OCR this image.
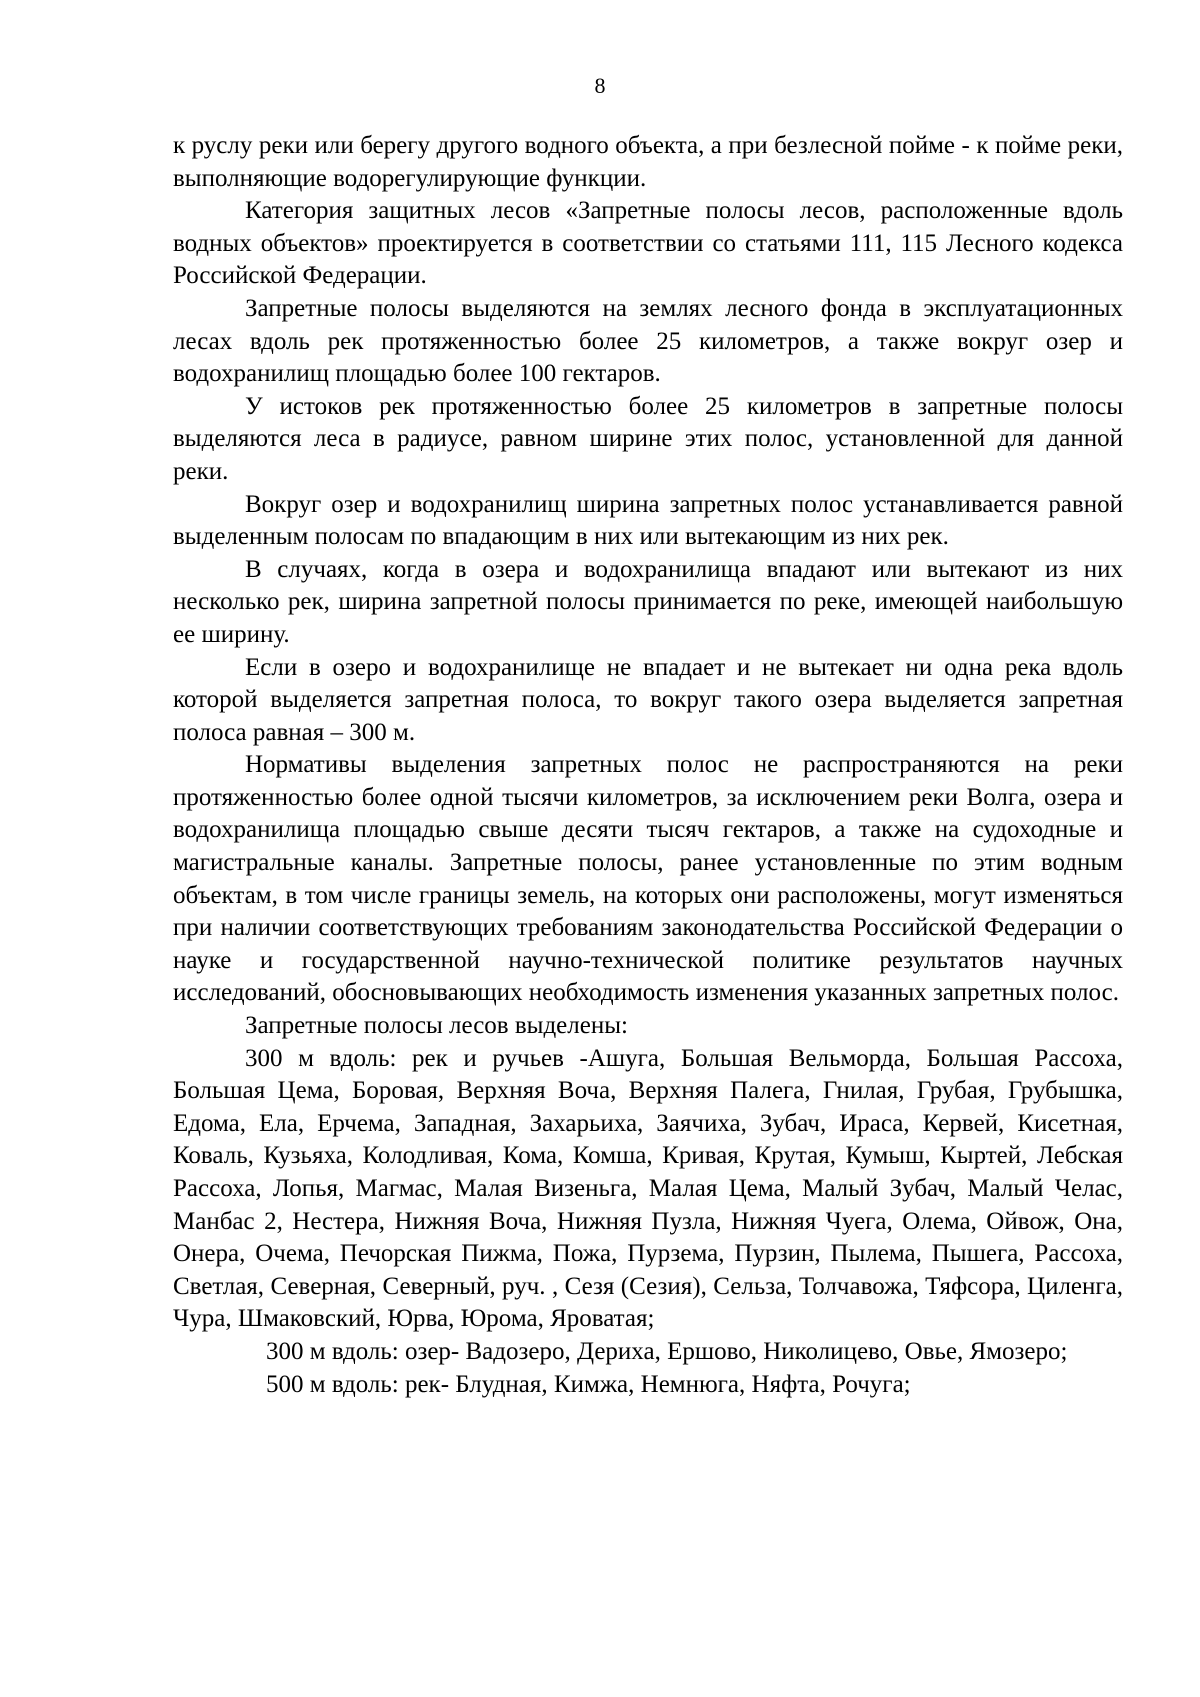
8

к руслу реки или берегу другого водного объекта, а при безлесной пойме - к пойме реки, выполняющие водорегулирующие функции.

Категория защитных лесов «Запретные полосы лесов, расположенные вдоль водных объектов» проектируется в соответствии со статьями 111, 115 Лесного кодекса Российской Федерации.

Запретные полосы выделяются на землях лесного фонда в эксплуатационных лесах вдоль рек протяженностью более 25 километров, а также вокруг озер и водохранилищ площадью более 100 гектаров.

У истоков рек протяженностью более 25 километров в запретные полосы выделяются леса в радиусе, равном ширине этих полос, установленной для данной реки.

Вокруг озер и водохранилищ ширина запретных полос устанавливается равной выделенным полосам по впадающим в них или вытекающим из них рек.

В случаях, когда в озера и водохранилища впадают или вытекают из них несколько рек, ширина запретной полосы принимается по реке, имеющей наибольшую ее ширину.

Если в озеро и водохранилище не впадает и не вытекает ни одна река вдоль которой выделяется запретная полоса, то вокруг такого озера выделяется запретная полоса равная – 300 м.

Нормативы выделения запретных полос не распространяются на реки протяженностью более одной тысячи километров, за исключением реки Волга, озера и водохранилища площадью свыше десяти тысяч гектаров, а также на судоходные и магистральные каналы. Запретные полосы, ранее установленные по этим водным объектам, в том числе границы земель, на которых они расположены, могут изменяться при наличии соответствующих требованиям законодательства Российской Федерации о науке и государственной научно-технической политике результатов научных исследований, обосновывающих необходимость изменения указанных запретных полос.

Запретные полосы лесов выделены:

300 м вдоль: рек и ручьев -Ашуга, Большая Вельморда, Большая Рассоха, Большая Цема, Боровая, Верхняя Воча, Верхняя Палега, Гнилая, Грубая, Грубышка, Едома, Ела, Ерчема, Западная, Захарьиха, Заячиха, Зубач, Ираса, Кервей, Кисетная, Коваль, Кузьяха, Колодливая, Кома, Комша, Кривая, Крутая, Кумыш, Кыртей, Лебская Рассоха, Лопья, Магмас, Малая Визеньга, Малая Цема, Малый Зубач, Малый Челас, Манбас 2, Нестера, Нижняя Воча, Нижняя Пузла, Нижняя Чуега, Олема, Ойвож, Она, Онера, Очема, Печорская Пижма, Пожа, Пурзема, Пурзин, Пылема, Пышега, Рассоха, Светлая, Северная, Северный, руч. , Сезя (Сезия), Сельза, Толчавожа, Тяфсора, Циленга, Чура, Шмаковский, Юрва, Юрома, Яроватая;

300 м вдоль: озер- Вадозеро, Дериха, Ершово, Николицево, Овье, Ямозеро;

500 м вдоль: рек- Блудная, Кимжа, Немнюга, Няфта, Рочуга;
